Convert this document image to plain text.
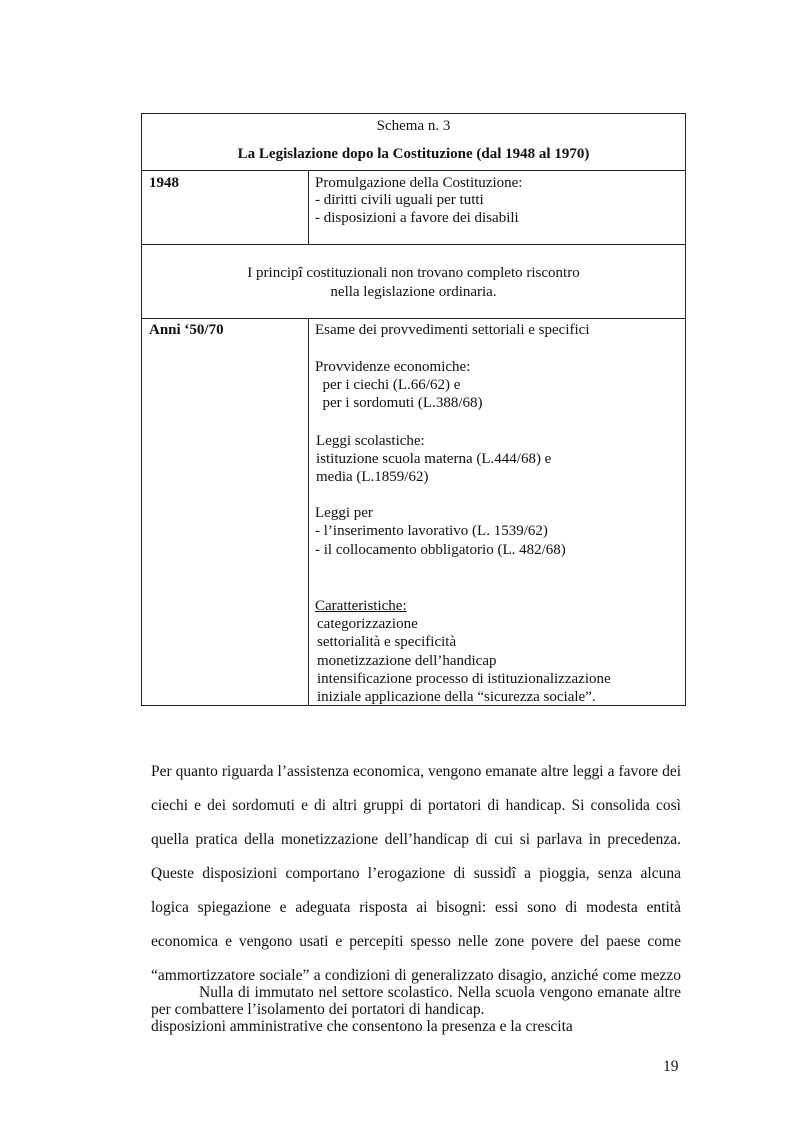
Schema n. 3
La Legislazione dopo la Costituzione (dal 1948 al 1970)
1948	Promulgazione della Costituzione:
- diritti civili uguali per tutti
- disposizioni a favore dei disabili
I principî costituzionali non trovano completo riscontro
nella legislazione ordinaria.
Anni ‘50/70	Esame dei provvedimenti settoriali e specifici
Provvidenze economiche:
per i ciechi (L.66/62) e
per i sordomuti (L.388/68)
Leggi scolastiche:
istituzione scuola materna (L.444/68) e
media (L.1859/62)
Leggi per
- l’inserimento lavorativo (L. 1539/62)
- il collocamento obbligatorio (L. 482/68)
Caratteristiche:
categorizzazione
settorialità e specificità
monetizzazione dell’handicap
intensificazione processo di istituzionalizzazione
iniziale applicazione della “sicurezza sociale”.

Per quanto riguarda l’assistenza economica, vengono emanate altre leggi a favore dei ciechi e dei sordomuti e di altri gruppi di portatori di handicap. Si consolida così quella pratica della monetizzazione dell’handicap di cui si parlava in precedenza. Queste disposizioni comportano l’erogazione di sussidî a pioggia, senza alcuna logica spiegazione e adeguata risposta ai bisogni: essi sono di modesta entità economica e vengono usati e percepiti spesso nelle zone povere del paese come “ammortizzatore sociale” a condizioni di generalizzato disagio, anziché come mezzo per combattere l’isolamento dei portatori di handicap.

Nulla di immutato nel settore scolastico. Nella scuola vengono emanate altre disposizioni amministrative che consentono la presenza e la crescita

19
